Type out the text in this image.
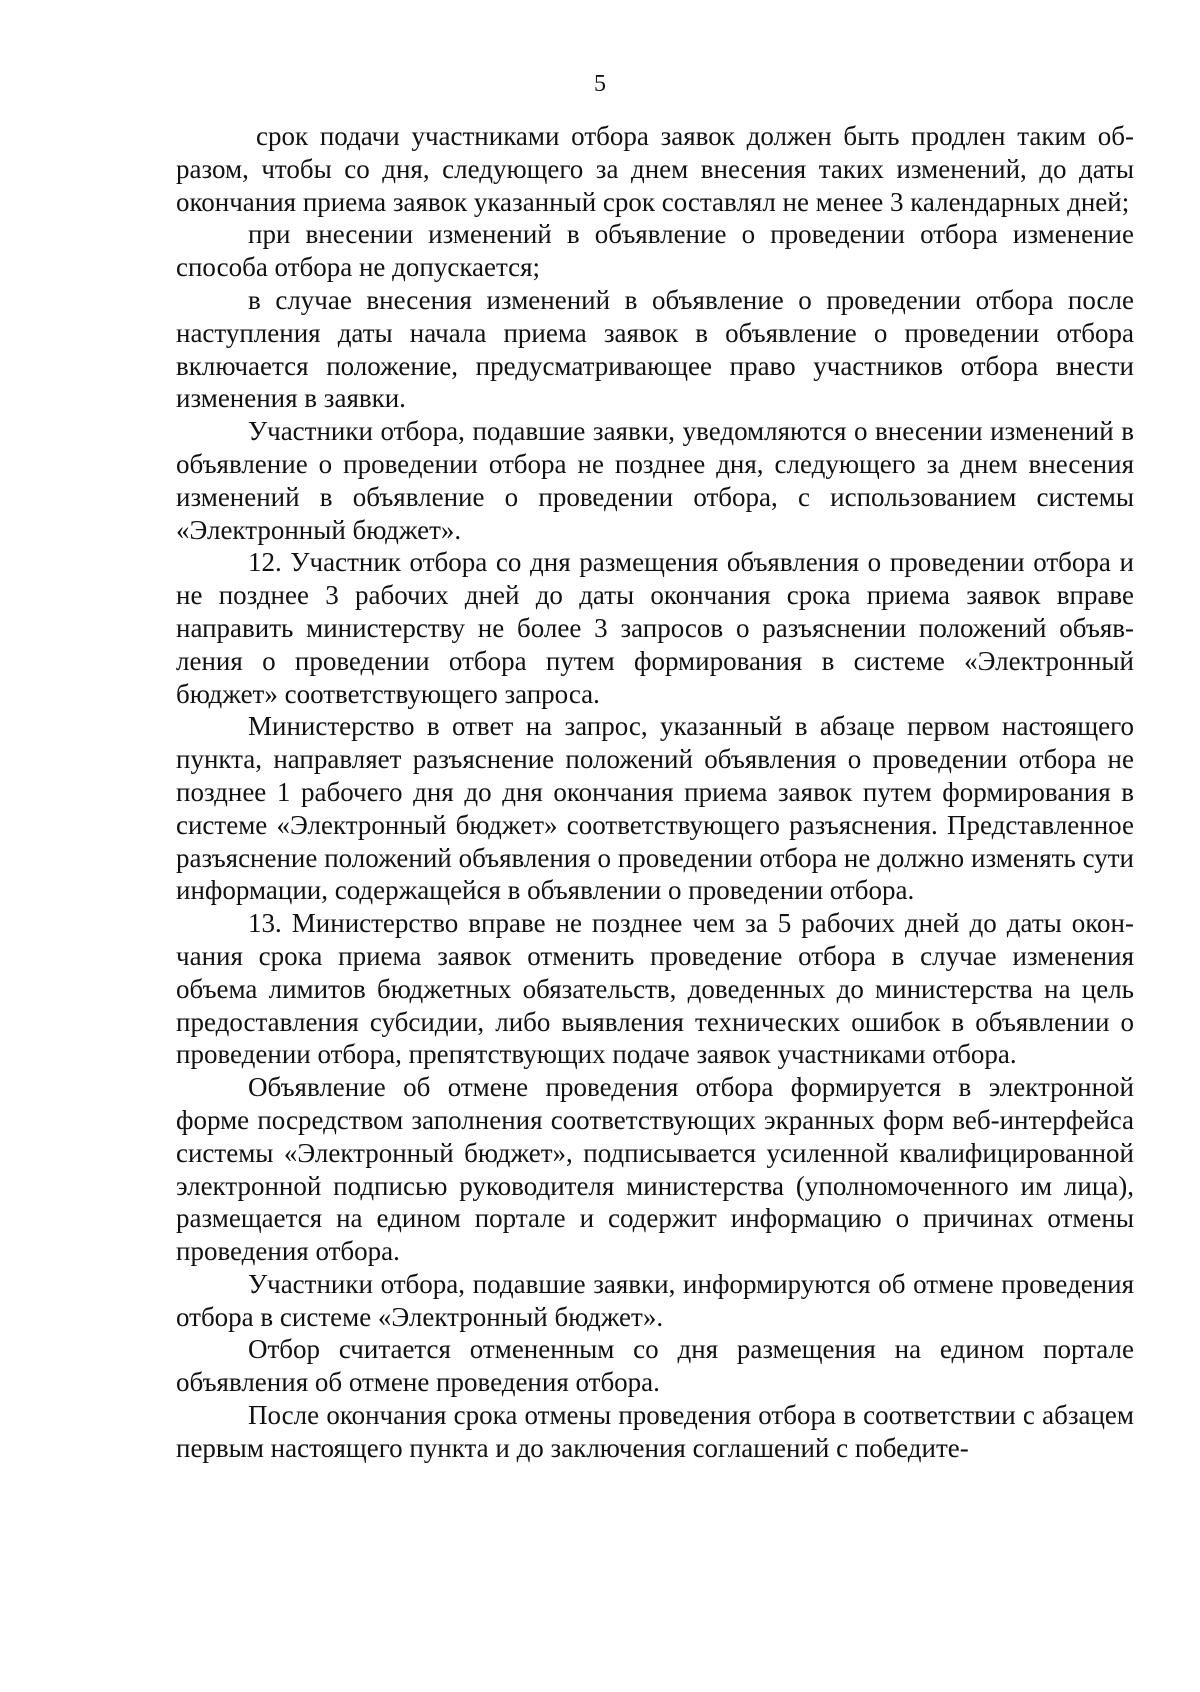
5

срок подачи участниками отбора заявок должен быть продлен таким образом, чтобы со дня, следующего за днем внесения таких изменений, до даты окончания приема заявок указанный срок составлял не менее 3 календарных дней;

при внесении изменений в объявление о проведении отбора изменение способа отбора не допускается;

в случае внесения изменений в объявление о проведении отбора после наступления даты начала приема заявок в объявление о проведении отбора включается положение, предусматривающее право участников отбора внести изменения в заявки.

Участники отбора, подавшие заявки, уведомляются о внесении изменений в объявление о проведении отбора не позднее дня, следующего за днем внесения изменений в объявление о проведении отбора, с использованием системы «Электронный бюджет».

12. Участник отбора со дня размещения объявления о проведении отбора и не позднее 3 рабочих дней до даты окончания срока приема заявок вправе направить министерству не более 3 запросов о разъяснении положений объявления о проведении отбора путем формирования в системе «Электронный бюджет» соответствующего запроса.

Министерство в ответ на запрос, указанный в абзаце первом настоящего пункта, направляет разъяснение положений объявления о проведении отбора не позднее 1 рабочего дня до дня окончания приема заявок путем формирования в системе «Электронный бюджет» соответствующего разъяснения. Представленное разъяснение положений объявления о проведении отбора не должно изменять сути информации, содержащейся в объявлении о проведении отбора.

13. Министерство вправе не позднее чем за 5 рабочих дней до даты окончания срока приема заявок отменить проведение отбора в случае изменения объема лимитов бюджетных обязательств, доведенных до министерства на цель предоставления субсидии, либо выявления технических ошибок в объявлении о проведении отбора, препятствующих подаче заявок участниками отбора.

Объявление об отмене проведения отбора формируется в электронной форме посредством заполнения соответствующих экранных форм веб-интерфейса системы «Электронный бюджет», подписывается усиленной квалифицированной электронной подписью руководителя министерства (уполномоченного им лица), размещается на едином портале и содержит информацию о причинах отмены проведения отбора.

Участники отбора, подавшие заявки, информируются об отмене проведения отбора в системе «Электронный бюджет».

Отбор считается отмененным со дня размещения на едином портале объявления об отмене проведения отбора.

После окончания срока отмены проведения отбора в соответствии с абзацем первым настоящего пункта и до заключения соглашений с победите-
